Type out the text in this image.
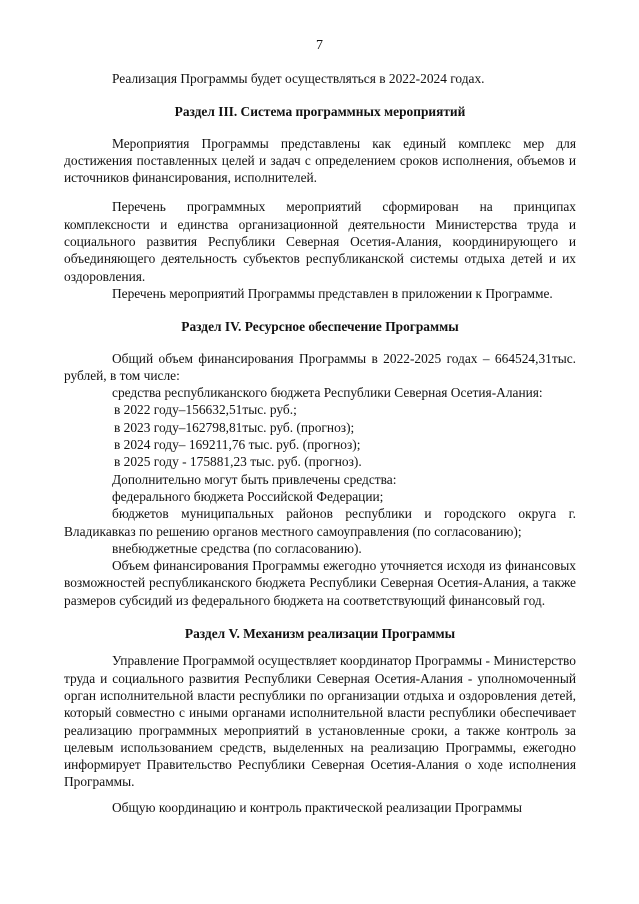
7

Реализация Программы будет осуществляться в 2022-2024 годах.

Раздел III. Система программных мероприятий

Мероприятия Программы представлены как единый комплекс мер для достижения поставленных целей и задач с определением сроков исполнения, объемов и источников финансирования, исполнителей.

Перечень программных мероприятий сформирован на принципах комплексности и единства организационной деятельности Министерства труда и социального развития Республики Северная Осетия-Алания, координирующего и объединяющего деятельность субъектов республиканской системы отдыха детей и их оздоровления.

Перечень мероприятий Программы представлен в приложении к Программе.

Раздел IV. Ресурсное обеспечение Программы

Общий объем финансирования Программы в 2022-2025 годах – 664524,31тыс. рублей, в том числе:

средства республиканского бюджета Республики Северная Осетия-Алания:

в 2022 году–156632,51тыс. руб.;

в 2023 году–162798,81тыс. руб. (прогноз);

в 2024 году– 169211,76 тыс. руб. (прогноз);

в 2025 году - 175881,23 тыс. руб. (прогноз).

Дополнительно могут быть привлечены средства:

федерального бюджета Российской Федерации;

бюджетов муниципальных районов республики и городского округа г. Владикавказ по решению органов местного самоуправления (по согласованию);

внебюджетные средства (по согласованию).

Объем финансирования Программы ежегодно уточняется исходя из финансовых возможностей республиканского бюджета Республики Северная Осетия-Алания, а также размеров субсидий из федерального бюджета на соответствующий финансовый год.

Раздел V. Механизм реализации Программы

Управление Программой осуществляет координатор Программы - Министерство труда и социального развития Республики Северная Осетия-Алания - уполномоченный орган исполнительной власти республики по организации отдыха и оздоровления детей, который совместно с иными органами исполнительной власти республики обеспечивает реализацию программных мероприятий в установленные сроки, а также контроль за целевым использованием средств, выделенных на реализацию Программы, ежегодно информирует Правительство Республики Северная Осетия-Алания о ходе исполнения Программы.

Общую координацию и контроль практической реализации Программы
